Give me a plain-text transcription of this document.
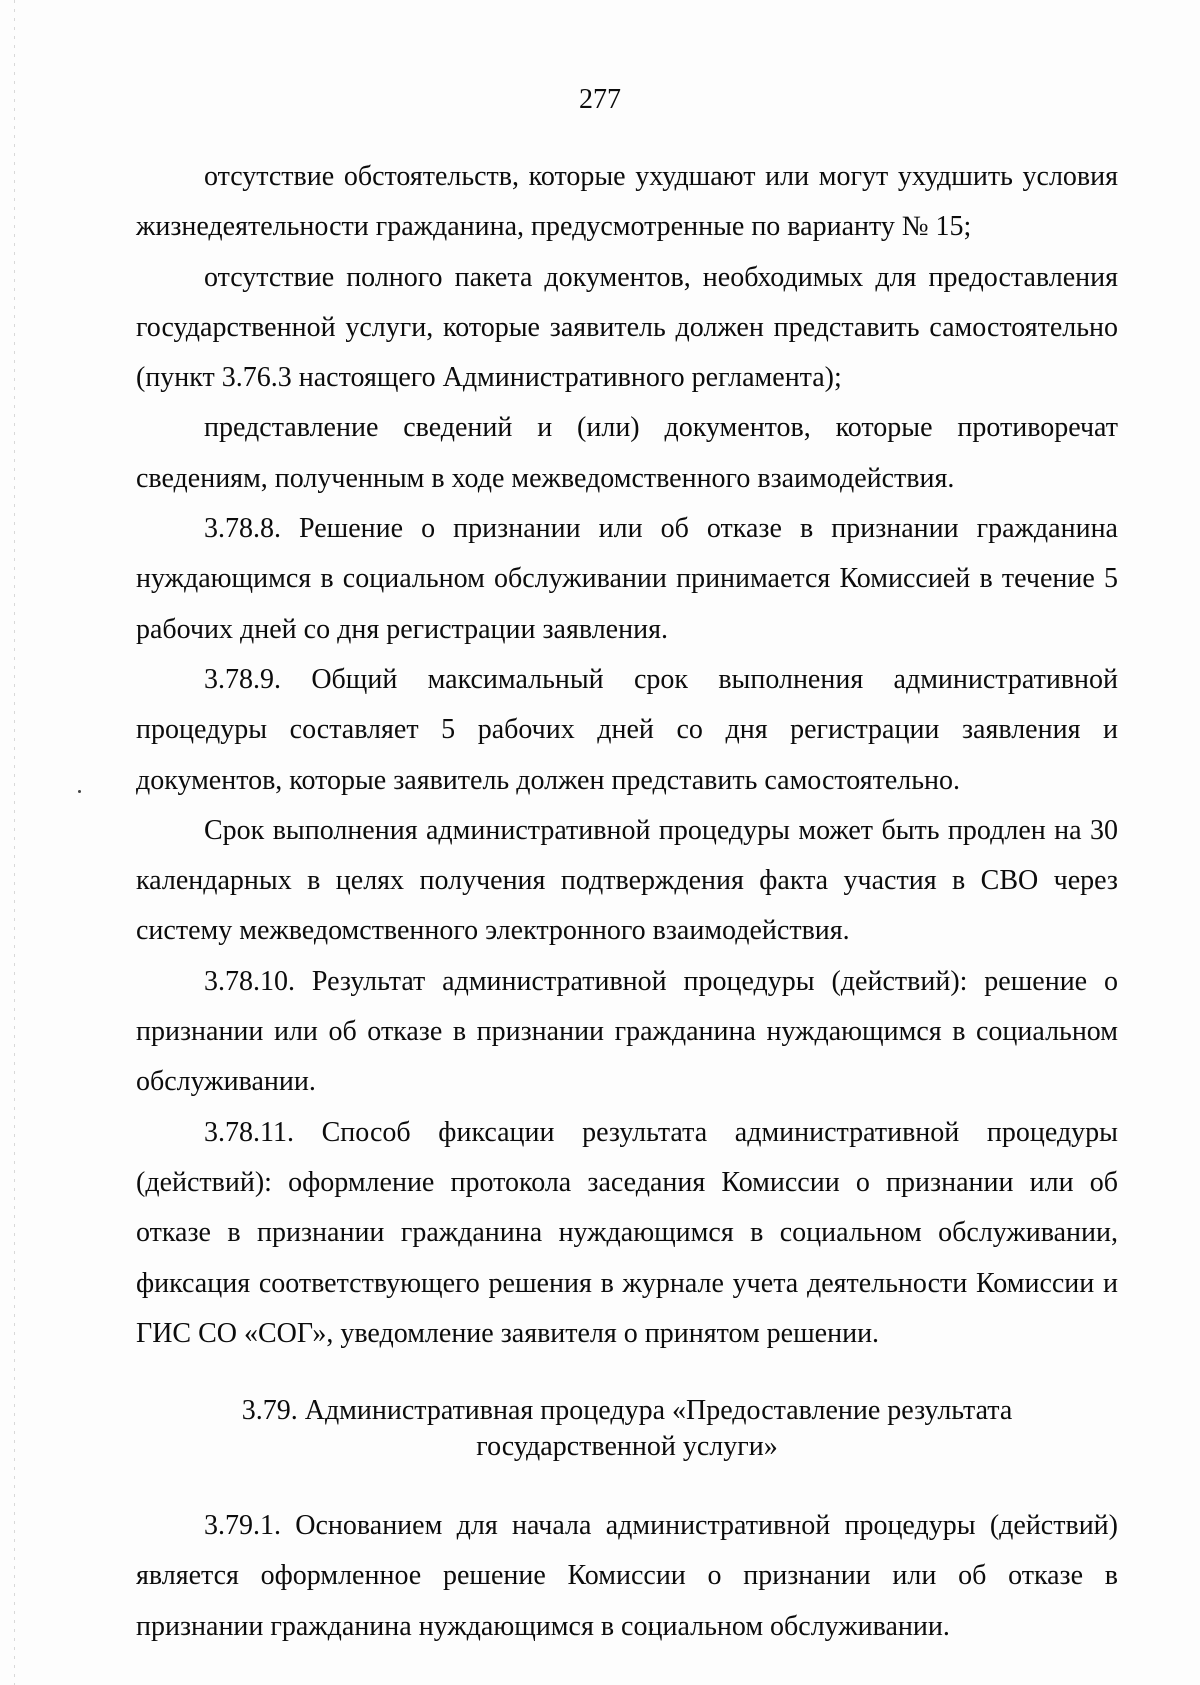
277

отсутствие обстоятельств, которые ухудшают или могут ухудшить условия жизнедеятельности гражданина, предусмотренные по варианту № 15;

отсутствие полного пакета документов, необходимых для предоставления государственной услуги, которые заявитель должен представить самостоятельно (пункт 3.76.3 настоящего Административного регламента);

представление сведений и (или) документов, которые противоречат сведениям, полученным в ходе межведомственного взаимодействия.

3.78.8. Решение о признании или об отказе в признании гражданина нуждающимся в социальном обслуживании принимается Комиссией в течение 5 рабочих дней со дня регистрации заявления.

3.78.9. Общий максимальный срок выполнения административной процедуры составляет 5 рабочих дней со дня регистрации заявления и документов, которые заявитель должен представить самостоятельно.

Срок выполнения административной процедуры может быть продлен на 30 календарных в целях получения подтверждения факта участия в СВО через систему межведомственного электронного взаимодействия.

3.78.10. Результат административной процедуры (действий): решение о признании или об отказе в признании гражданина нуждающимся в социальном обслуживании.

3.78.11. Способ фиксации результата административной процедуры (действий): оформление протокола заседания Комиссии о признании или об отказе в признании гражданина нуждающимся в социальном обслуживании, фиксация соответствующего решения в журнале учета деятельности Комиссии и ГИС СО «СОГ», уведомление заявителя о принятом решении.

3.79. Административная процедура «Предоставление результата
государственной услуги»

3.79.1. Основанием для начала административной процедуры (действий) является оформленное решение Комиссии о признании или об отказе в признании гражданина нуждающимся в социальном обслуживании.
